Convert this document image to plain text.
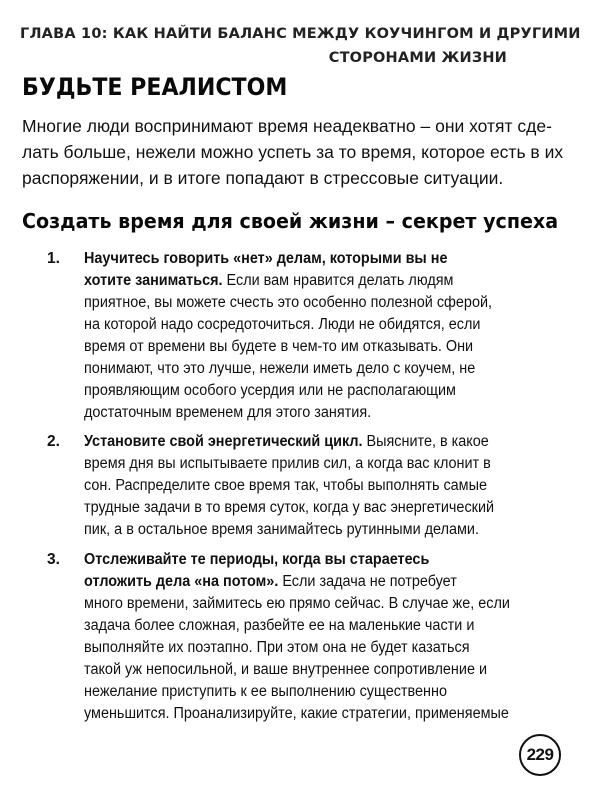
ГЛАВА 10: КАК НАЙТИ БАЛАНС МЕЖДУ КОУЧИНГОМ И ДРУГИМИ
СТОРОНАМИ ЖИЗНИ
БУДЬТЕ РЕАЛИСТОМ
Многие люди воспринимают время неадекватно – они хотят сде-
лать больше, нежели можно успеть за то время, которое есть в их
распоряжении, и в итоге попадают в стрессовые ситуации.
Создать время для своей жизни – секрет успеха
1. Научитесь говорить «нет» делам, которыми вы не
хотите заниматься. Если вам нравится делать людям
приятное, вы можете счесть это особенно полезной сферой,
на которой надо сосредоточиться. Люди не обидятся, если
время от времени вы будете в чем-то им отказывать. Они
понимают, что это лучше, нежели иметь дело с коучем, не
проявляющим особого усердия или не располагающим
достаточным временем для этого занятия.
2. Установите свой энергетический цикл. Выясните, в какое
время дня вы испытываете прилив сил, а когда вас клонит в
сон. Распределите свое время так, чтобы выполнять самые
трудные задачи в то время суток, когда у вас энергетический
пик, а в остальное время занимайтесь рутинными делами.
3. Отслеживайте те периоды, когда вы стараетесь
отложить дела «на потом». Если задача не потребует
много времени, займитесь ею прямо сейчас. В случае же, если
задача более сложная, разбейте ее на маленькие части и
выполняйте их поэтапно. При этом она не будет казаться
такой уж непосильной, и ваше внутреннее сопротивление и
нежелание приступить к ее выполнению существенно
уменьшится. Проанализируйте, какие стратегии, применяемые
229
